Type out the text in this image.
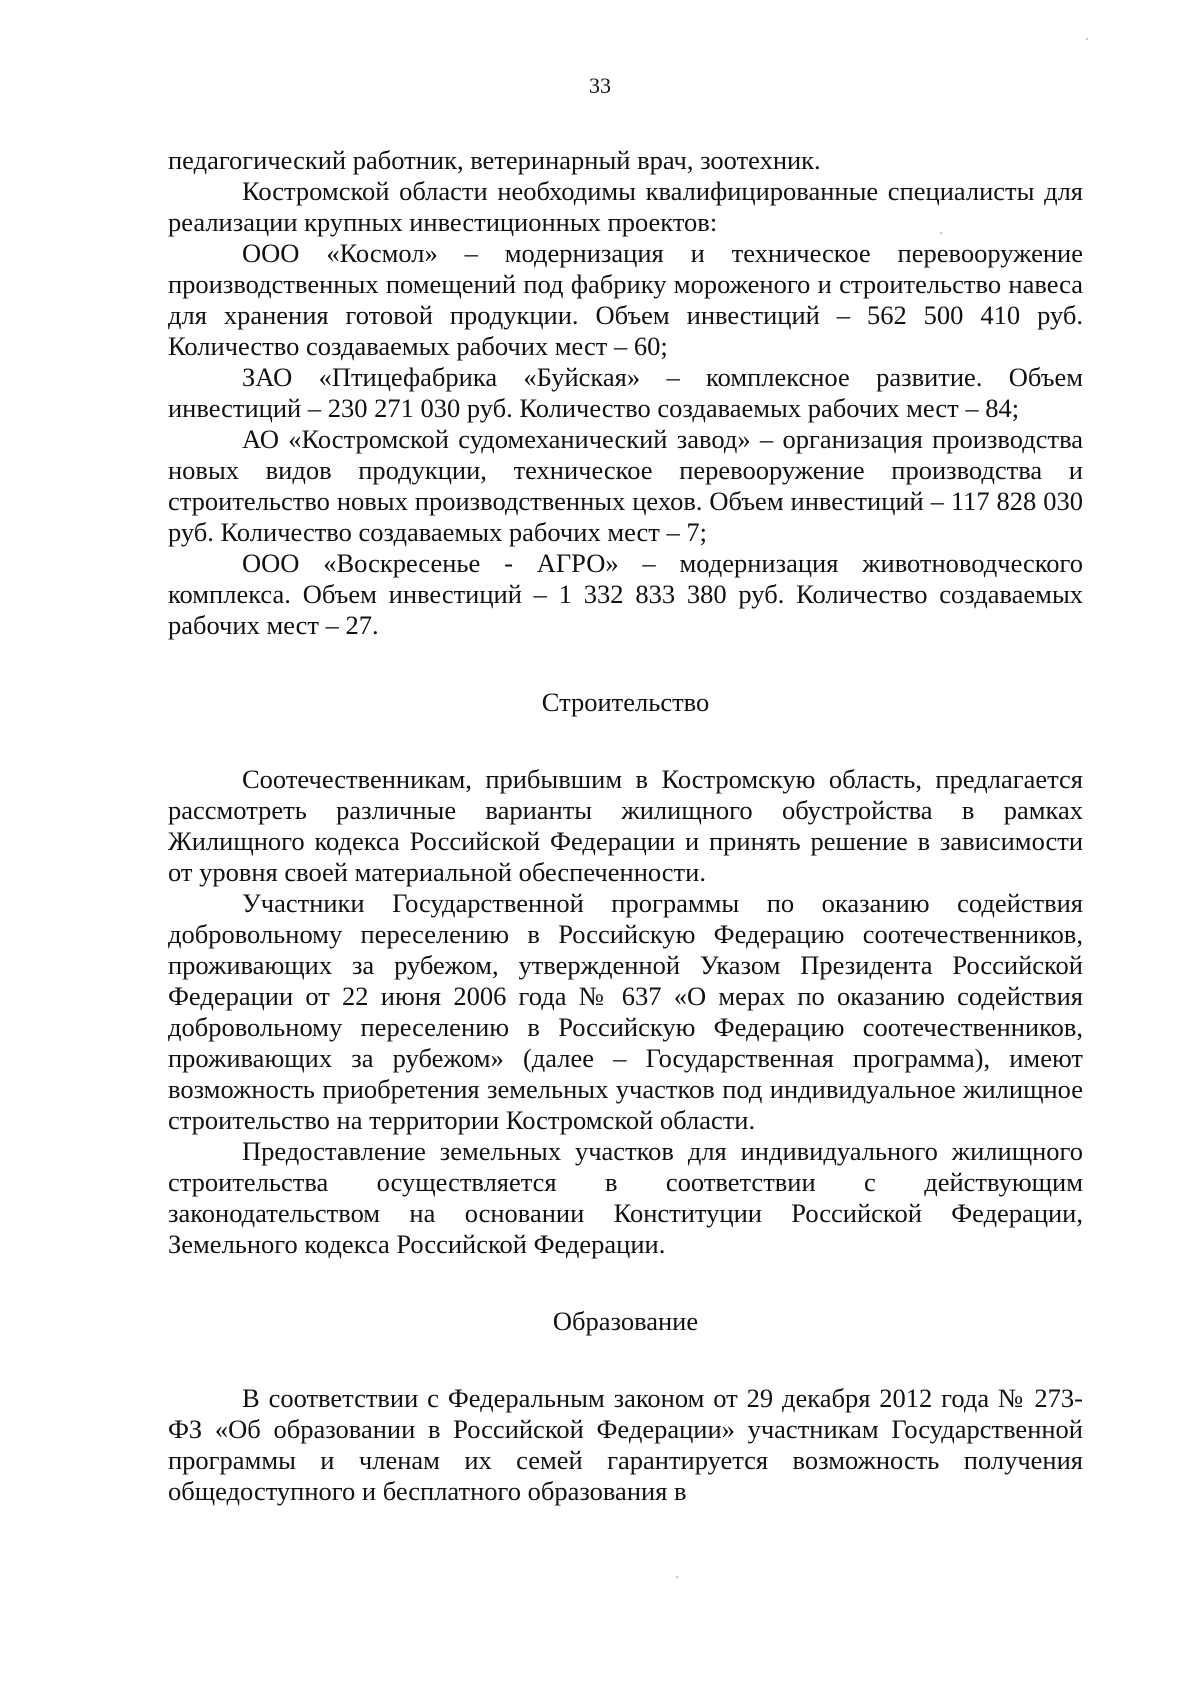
33

педагогический работник, ветеринарный врач, зоотехник.

Костромской области необходимы квалифицированные специалисты для реализации крупных инвестиционных проектов:

ООО «Космол» – модернизация и техническое перевооружение производственных помещений под фабрику мороженого и строительство навеса для хранения готовой продукции. Объем инвестиций – 562 500 410 руб. Количество создаваемых рабочих мест – 60;

ЗАО «Птицефабрика «Буйская» – комплексное развитие. Объем инвестиций – 230 271 030 руб. Количество создаваемых рабочих мест – 84;

АО «Костромской судомеханический завод» – организация производства новых видов продукции, техническое перевооружение производства и строительство новых производственных цехов. Объем инвестиций – 117 828 030 руб. Количество создаваемых рабочих мест – 7;

ООО «Воскресенье - АГРО» – модернизация животноводческого комплекса. Объем инвестиций – 1 332 833 380 руб. Количество создаваемых рабочих мест – 27.

Строительство

Соотечественникам, прибывшим в Костромскую область, предлагается рассмотреть различные варианты жилищного обустройства в рамках Жилищного кодекса Российской Федерации и принять решение в зависимости от уровня своей материальной обеспеченности.

Участники Государственной программы по оказанию содействия добровольному переселению в Российскую Федерацию соотечественников, проживающих за рубежом, утвержденной Указом Президента Российской Федерации от 22 июня 2006 года № 637 «О мерах по оказанию содействия добровольному переселению в Российскую Федерацию соотечественников, проживающих за рубежом» (далее – Государственная программа), имеют возможность приобретения земельных участков под индивидуальное жилищное строительство на территории Костромской области.

Предоставление земельных участков для индивидуального жилищного строительства осуществляется в соответствии с действующим законодательством на основании Конституции Российской Федерации, Земельного кодекса Российской Федерации.

Образование

В соответствии с Федеральным законом от 29 декабря 2012 года № 273-ФЗ «Об образовании в Российской Федерации» участникам Государственной программы и членам их семей гарантируется возможность получения общедоступного и бесплатного образования в
